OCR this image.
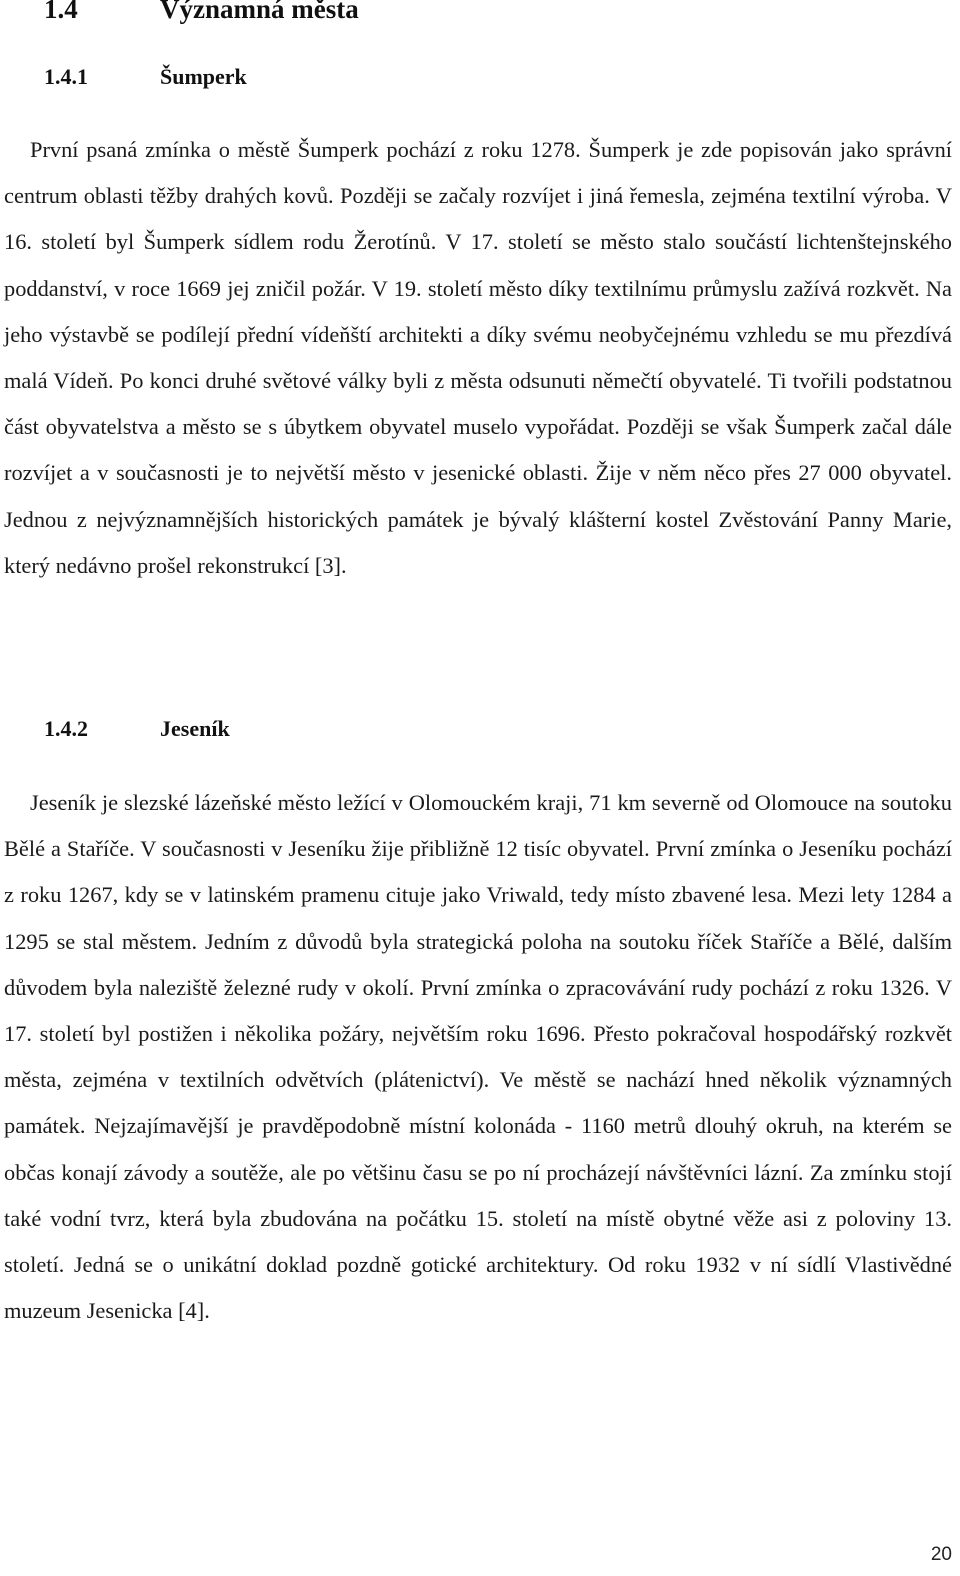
1.4	Významná města
1.4.1	Šumperk

První psaná zmínka o městě Šumperk pochází z roku 1278. Šumperk je zde popisován jako správní centrum oblasti těžby drahých kovů. Později se začaly rozvíjet i jiná řemesla, zejména textilní výroba. V 16. století byl Šumperk sídlem rodu Žerotínů. V 17. století se město stalo součástí lichtenštejnského poddanství, v roce 1669 jej zničil požár. V 19. století město díky textilnímu průmyslu zažívá rozkvět. Na jeho výstavbě se podílejí přední vídeňští architekti a díky svému neobyčejnému vzhledu se mu přezdívá malá Vídeň. Po konci druhé světové války byli z města odsunuti němečtí obyvatelé. Ti tvořili podstatnou část obyvatelstva a město se s úbytkem obyvatel muselo vypořádat. Později se však Šumperk začal dále rozvíjet a v současnosti je to největší město v jesenické oblasti. Žije v něm něco přes 27 000 obyvatel. Jednou z nejvýznamnějších historických památek je bývalý klášterní kostel Zvěstování Panny Marie, který nedávno prošel rekonstrukcí [3].

1.4.2	Jeseník

Jeseník je slezské lázeňské město ležící v Olomouckém kraji, 71 km severně od Olomouce na soutoku Bělé a Staříče. V současnosti v Jeseníku žije přibližně 12 tisíc obyvatel. První zmínka o Jeseníku pochází z roku 1267, kdy se v latinském pramenu cituje jako Vriwald, tedy místo zbavené lesa. Mezi lety 1284 a 1295 se stal městem. Jedním z důvodů byla strategická poloha na soutoku říček Staříče a Bělé, dalším důvodem byla naleziště železné rudy v okolí. První zmínka o zpracovávání rudy pochází z roku 1326. V 17. století byl postižen i několika požáry, největším roku 1696. Přesto pokračoval hospodářský rozkvět města, zejména v textilních odvětvích (plátenictví). Ve městě se nachází hned několik významných památek. Nejzajímavější je pravděpodobně místní kolonáda - 1160 metrů dlouhý okruh, na kterém se občas konají závody a soutěže, ale po většinu času se po ní procházejí návštěvníci lázní. Za zmínku stojí také vodní tvrz, která byla zbudována na počátku 15. století na místě obytné věže asi z poloviny 13. století. Jedná se o unikátní doklad pozdně gotické architektury. Od roku 1932 v ní sídlí Vlastivědné muzeum Jesenicka [4].

20
